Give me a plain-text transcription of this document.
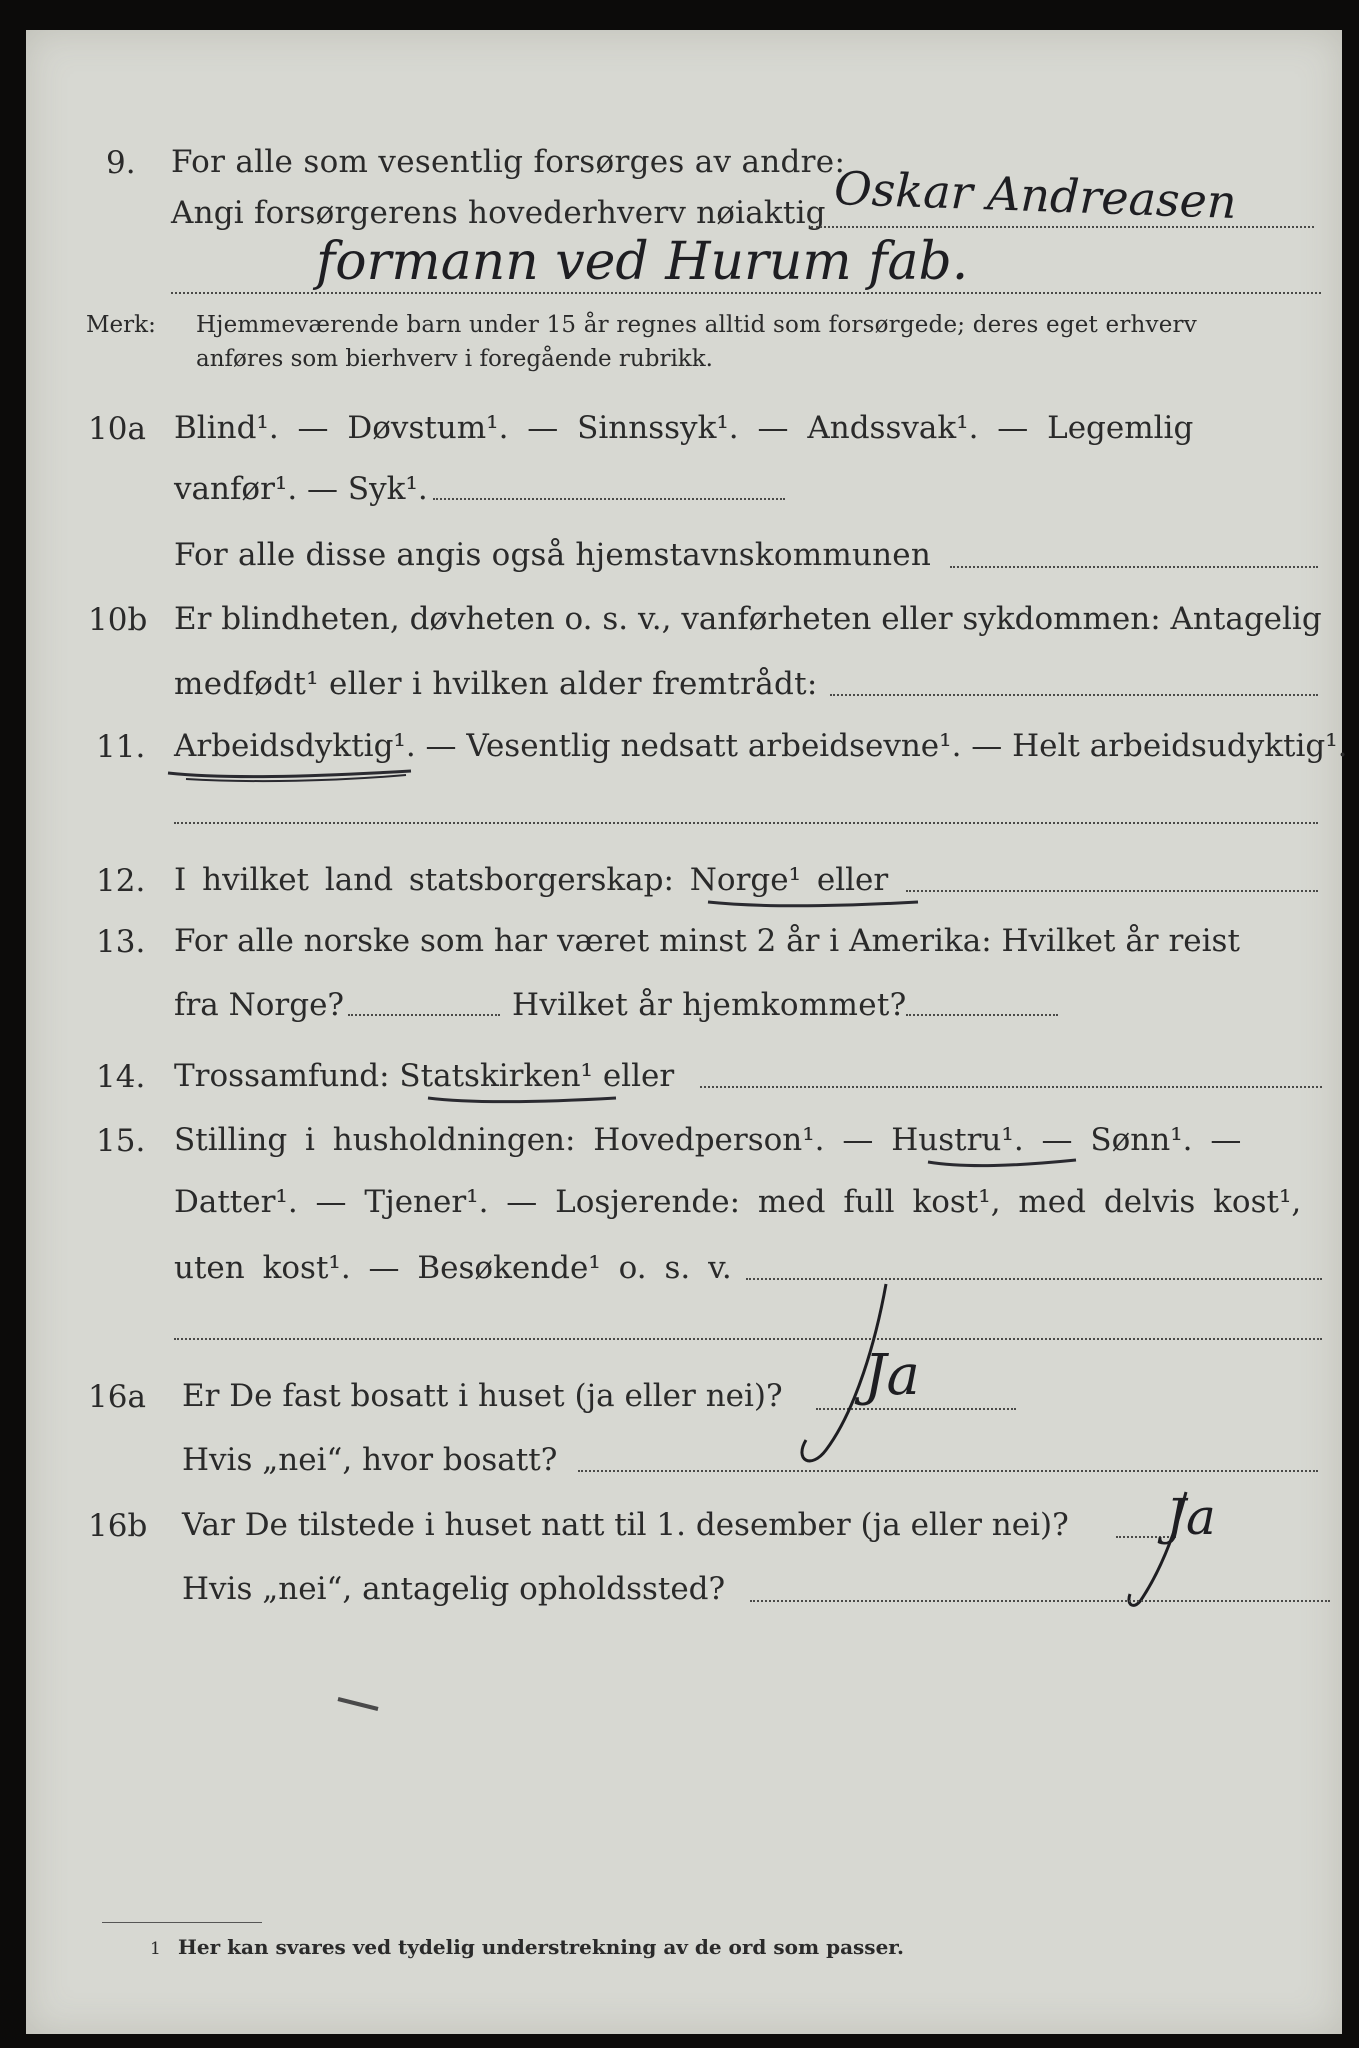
9. For alle som vesentlig forsørges av andre:
Angi forsørgerens hovederhverv nøiaktig Oskar Andreasen
formann ved Hurum fab.
Merk: Hjemmeværende barn under 15 år regnes alltid som forsørgede; deres eget erhverv
anføres som bierhverv i foregående rubrikk.
10a Blind¹. — Døvstum¹. — Sinnssyk¹. — Andssvak¹. — Legemlig
vanfør¹. — Syk¹.
For alle disse angis også hjemstavnskommunen
10b Er blindheten, døvheten o. s. v., vanførheten eller sykdommen: Antagelig
medfødt¹ eller i hvilken alder fremtrådt:
11. Arbeidsdyktig¹. — Vesentlig nedsatt arbeidsevne¹. — Helt arbeidsudyktig¹.
12. I hvilket land statsborgerskap: Norge¹ eller
13. For alle norske som har været minst 2 år i Amerika: Hvilket år reist
fra Norge?	Hvilket år hjemkommet?
14. Trossamfund: Statskirken¹ eller
15. Stilling i husholdningen: Hovedperson¹. — Hustru¹. — Sønn¹. —
Datter¹. — Tjener¹. — Losjerende: med full kost¹, med delvis kost¹,
uten kost¹. — Besøkende¹ o. s. v.
16a Er De fast bosatt i huset (ja eller nei)? Ja
Hvis „nei“, hvor bosatt?
16b Var De tilstede i huset natt til 1. desember (ja eller nei)? Ja
Hvis „nei“, antagelig opholdssted?
1 Her kan svares ved tydelig understrekning av de ord som passer.
